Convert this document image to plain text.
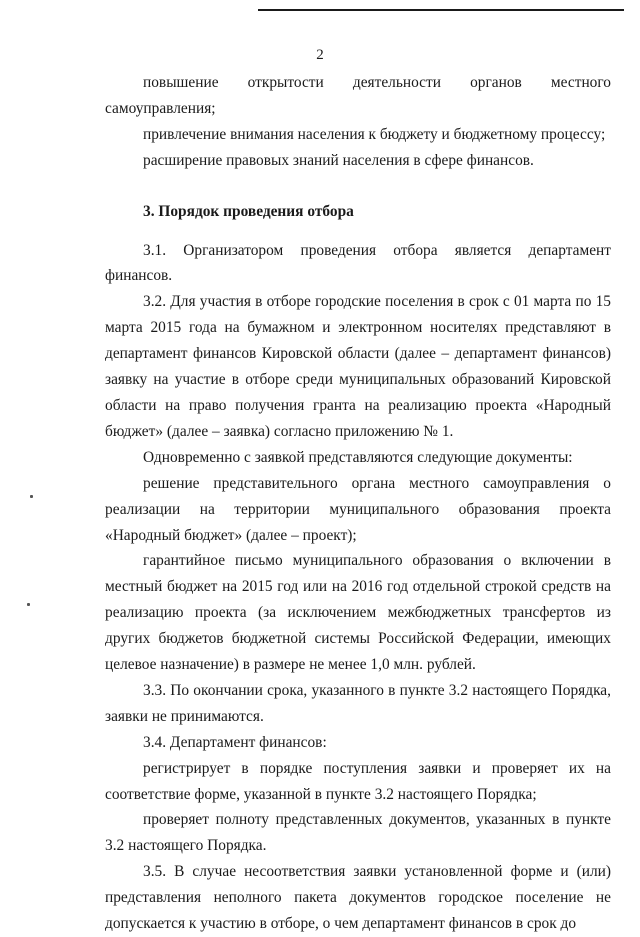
2

повышение открытости деятельности органов местного самоуправления;

привлечение внимания населения к бюджету и бюджетному процессу;

расширение правовых знаний населения в сфере финансов.

3. Порядок проведения отбора

3.1. Организатором проведения отбора является департамент финансов.

3.2. Для участия в отборе городские поселения в срок с 01 марта по 15 марта 2015 года на бумажном и электронном носителях представляют в департамент финансов Кировской области (далее – департамент финансов) заявку на участие в отборе среди муниципальных образований Кировской области на право получения гранта на реализацию проекта «Народный бюджет» (далее – заявка) согласно приложению № 1.

Одновременно с заявкой представляются следующие документы:

решение представительного органа местного самоуправления о реализации на территории муниципального образования проекта «Народный бюджет» (далее – проект);

гарантийное письмо муниципального образования о включении в местный бюджет на 2015 год или на 2016 год отдельной строкой средств на реализацию проекта (за исключением межбюджетных трансфертов из других бюджетов бюджетной системы Российской Федерации, имеющих целевое назначение) в размере не менее 1,0 млн. рублей.

3.3. По окончании срока, указанного в пункте 3.2 настоящего Порядка, заявки не принимаются.

3.4. Департамент финансов:

регистрирует в порядке поступления заявки и проверяет их на соответствие форме, указанной в пункте 3.2 настоящего Порядка;

проверяет полноту представленных документов, указанных в пункте 3.2 настоящего Порядка.

3.5. В случае несоответствия заявки установленной форме и (или) представления неполного пакета документов городское поселение не допускается к участию в отборе, о чем департамент финансов в срок до
